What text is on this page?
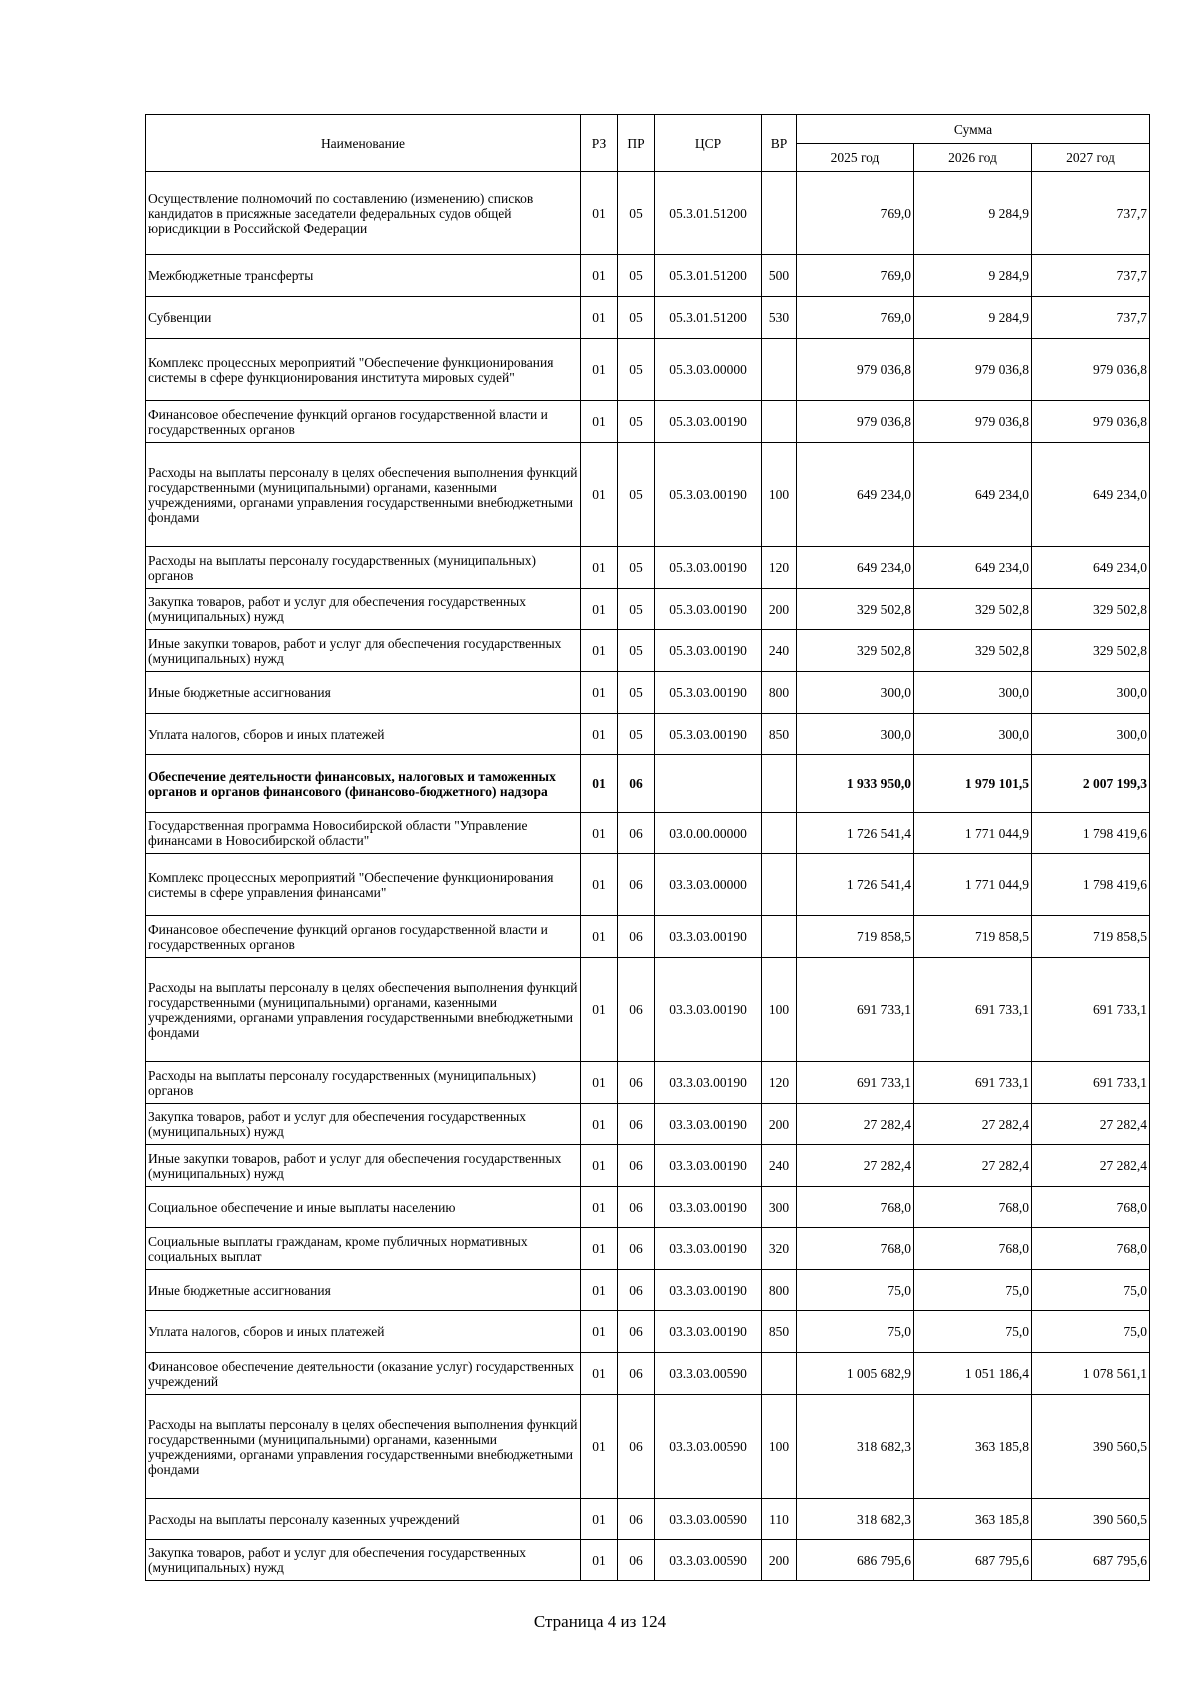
Наименование	РЗ	ПР	ЦСР	ВР	Сумма		
					2025 год	2026 год	2027 год
Осуществление полномочий по составлению (изменению) списков кандидатов в присяжные заседатели федеральных судов общей юрисдикции в Российской Федерации	01	05	05.3.01.51200		769,0	9 284,9	737,7
Межбюджетные трансферты	01	05	05.3.01.51200	500	769,0	9 284,9	737,7
Субвенции	01	05	05.3.01.51200	530	769,0	9 284,9	737,7
Комплекс процессных мероприятий "Обеспечение функционирования системы в сфере функционирования института мировых судей"	01	05	05.3.03.00000		979 036,8	979 036,8	979 036,8
Финансовое обеспечение функций органов государственной власти и государственных органов	01	05	05.3.03.00190		979 036,8	979 036,8	979 036,8
Расходы на выплаты персоналу в целях обеспечения выполнения функций государственными (муниципальными) органами, казенными учреждениями, органами управления государственными внебюджетными фондами	01	05	05.3.03.00190	100	649 234,0	649 234,0	649 234,0
Расходы на выплаты персоналу государственных (муниципальных) органов	01	05	05.3.03.00190	120	649 234,0	649 234,0	649 234,0
Закупка товаров, работ и услуг для обеспечения государственных (муниципальных) нужд	01	05	05.3.03.00190	200	329 502,8	329 502,8	329 502,8
Иные закупки товаров, работ и услуг для обеспечения государственных (муниципальных) нужд	01	05	05.3.03.00190	240	329 502,8	329 502,8	329 502,8
Иные бюджетные ассигнования	01	05	05.3.03.00190	800	300,0	300,0	300,0
Уплата налогов, сборов и иных платежей	01	05	05.3.03.00190	850	300,0	300,0	300,0
Обеспечение деятельности финансовых, налоговых и таможенных органов и органов финансового (финансово-бюджетного) надзора	01	06			1 933 950,0	1 979 101,5	2 007 199,3
Государственная программа Новосибирской области "Управление финансами в Новосибирской области"	01	06	03.0.00.00000		1 726 541,4	1 771 044,9	1 798 419,6
Комплекс процессных мероприятий "Обеспечение функционирования системы в сфере управления финансами"	01	06	03.3.03.00000		1 726 541,4	1 771 044,9	1 798 419,6
Финансовое обеспечение функций органов государственной власти и государственных органов	01	06	03.3.03.00190		719 858,5	719 858,5	719 858,5
Расходы на выплаты персоналу в целях обеспечения выполнения функций государственными (муниципальными) органами, казенными учреждениями, органами управления государственными внебюджетными фондами	01	06	03.3.03.00190	100	691 733,1	691 733,1	691 733,1
Расходы на выплаты персоналу государственных (муниципальных) органов	01	06	03.3.03.00190	120	691 733,1	691 733,1	691 733,1
Закупка товаров, работ и услуг для обеспечения государственных (муниципальных) нужд	01	06	03.3.03.00190	200	27 282,4	27 282,4	27 282,4
Иные закупки товаров, работ и услуг для обеспечения государственных (муниципальных) нужд	01	06	03.3.03.00190	240	27 282,4	27 282,4	27 282,4
Социальное обеспечение и иные выплаты населению	01	06	03.3.03.00190	300	768,0	768,0	768,0
Социальные выплаты гражданам, кроме публичных нормативных социальных выплат	01	06	03.3.03.00190	320	768,0	768,0	768,0
Иные бюджетные ассигнования	01	06	03.3.03.00190	800	75,0	75,0	75,0
Уплата налогов, сборов и иных платежей	01	06	03.3.03.00190	850	75,0	75,0	75,0
Финансовое обеспечение деятельности (оказание услуг) государственных учреждений	01	06	03.3.03.00590		1 005 682,9	1 051 186,4	1 078 561,1
Расходы на выплаты персоналу в целях обеспечения выполнения функций государственными (муниципальными) органами, казенными учреждениями, органами управления государственными внебюджетными фондами	01	06	03.3.03.00590	100	318 682,3	363 185,8	390 560,5
Расходы на выплаты персоналу казенных учреждений	01	06	03.3.03.00590	110	318 682,3	363 185,8	390 560,5
Закупка товаров, работ и услуг для обеспечения государственных (муниципальных) нужд	01	06	03.3.03.00590	200	686 795,6	687 795,6	687 795,6
Страница 4 из 124
